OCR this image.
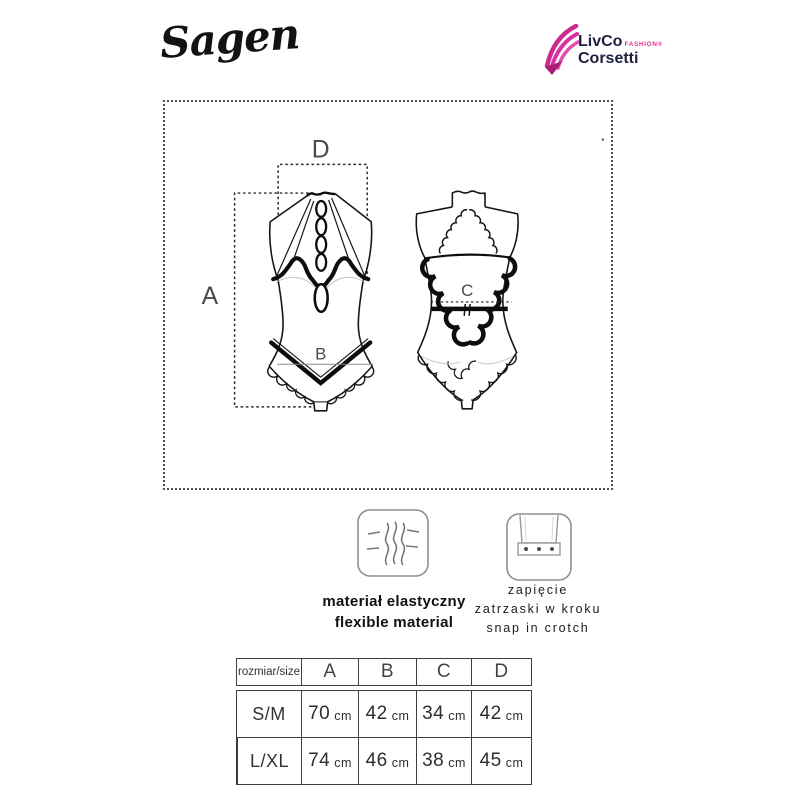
Sagen	LivCo FASHION®
Corsetti
D
A
B
C
materiał elastyczny
flexible material
zapięcie
zatrzaski w kroku
snap in crotch
rozmiar/size	A	B	C	D
S/M	70 cm 42 cm 34 cm 42 cm
L/XL	74 cm 46 cm 38 cm 45 cm
